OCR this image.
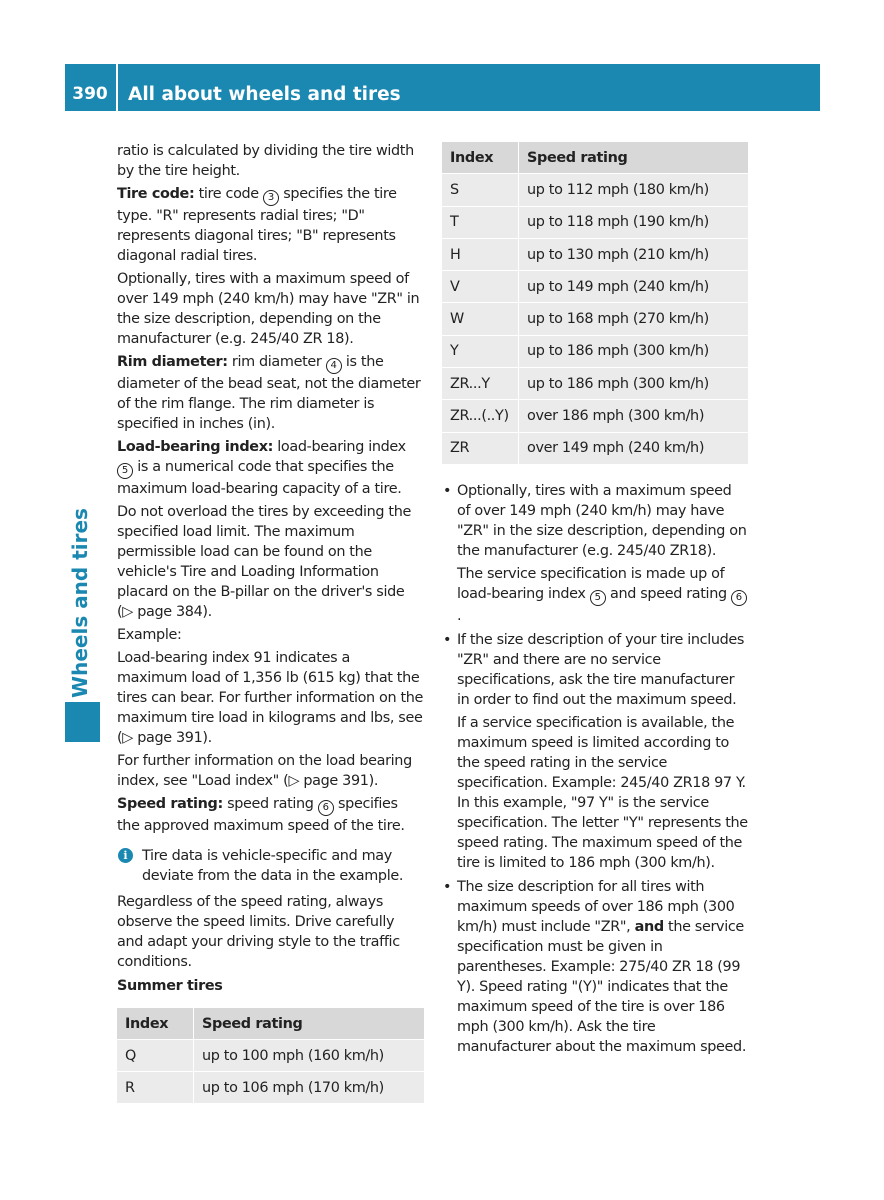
390	All about wheels and tires
Wheels and tires

ratio is calculated by dividing the tire width by the tire height.

Tire code: tire code 3 specifies the tire type. "R" represents radial tires; "D" represents diagonal tires; "B" represents diagonal radial tires.

Optionally, tires with a maximum speed of over 149 mph (240 km/h) may have "ZR" in the size description, depending on the manufacturer (e.g. 245/40 ZR 18).

Rim diameter: rim diameter 4 is the diameter of the bead seat, not the diameter of the rim flange. The rim diameter is specified in inches (in).

Load-bearing index: load-bearing index 5 is a numerical code that specifies the maximum load-bearing capacity of a tire.

Do not overload the tires by exceeding the specified load limit. The maximum permissible load can be found on the vehicle's Tire and Loading Information placard on the B-pillar on the driver's side (▷ page 384).

Example:

Load-bearing index 91 indicates a maximum load of 1,356 lb (615 kg) that the tires can bear. For further information on the maximum tire load in kilograms and lbs, see (▷ page 391).

For further information on the load bearing index, see "Load index" (▷ page 391).

Speed rating: speed rating 6 specifies the approved maximum speed of the tire.

i	Tire data is vehicle-specific and may deviate from the data in the example.

Regardless of the speed rating, always observe the speed limits. Drive carefully and adapt your driving style to the traffic conditions.

Summer tires

Index	Speed rating
Q	up to 100 mph (160 km/h)
R	up to 106 mph (170 km/h)
Index	Speed rating
S	up to 112 mph (180 km/h)
T	up to 118 mph (190 km/h)
H	up to 130 mph (210 km/h)
V	up to 149 mph (240 km/h)
W	up to 168 mph (270 km/h)
Y	up to 186 mph (300 km/h)
ZR...Y	up to 186 mph (300 km/h)
ZR...(..Y)	over 186 mph (300 km/h)
ZR	over 149 mph (240 km/h)
• Optionally, tires with a maximum speed of over 149 mph (240 km/h) may have "ZR" in the size description, depending on the manufacturer (e.g. 245/40 ZR18).

The service specification is made up of load-bearing index 5 and speed rating 6.

• If the size description of your tire includes "ZR" and there are no service specifications, ask the tire manufacturer in order to find out the maximum speed.

If a service specification is available, the maximum speed is limited according to the speed rating in the service specification. Example: 245/40 ZR18 97 Y. In this example, "97 Y" is the service specification. The letter "Y" represents the speed rating. The maximum speed of the tire is limited to 186 mph (300 km/h).

• The size description for all tires with maximum speeds of over 186 mph (300 km/h) must include "ZR", and the service specification must be given in parentheses. Example: 275/40 ZR 18 (99 Y). Speed rating "(Y)" indicates that the maximum speed of the tire is over 186 mph (300 km/h). Ask the tire manufacturer about the maximum speed.
